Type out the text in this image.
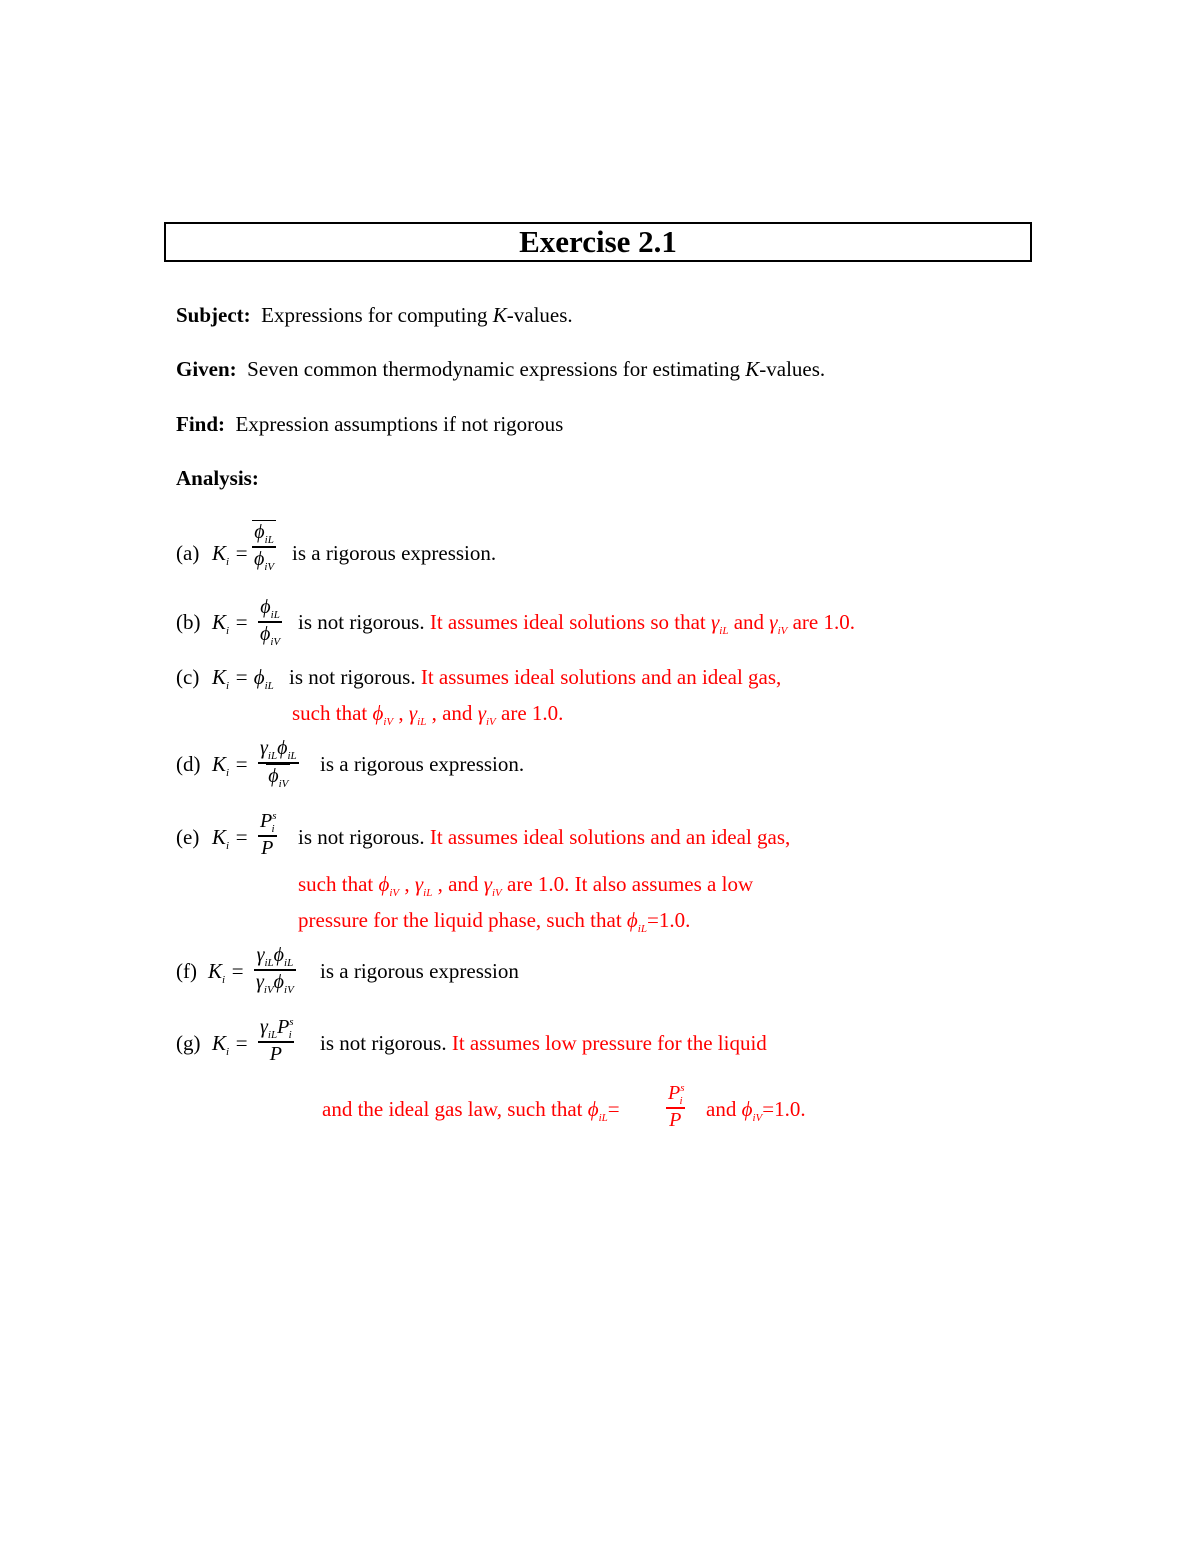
Exercise 2.1
Subject: Expressions for computing K-values.
Given: Seven common thermodynamic expressions for estimating K-values.
Find: Expression assumptions if not rigorous
Analysis:
(a) $K_i$ =
$\phi_{iL}$
$\phi_{iV}$
is a rigorous expression.
(b) $K_i$ =
$\phi_{iL}$
$\phi_{iV}$
is not rigorous. It assumes ideal solutions so that $\gamma_{iL}$ and $\gamma_{iV}$ are 1.0.
(c) $K_i = \phi_{iL}$ is not rigorous. It assumes ideal solutions and an ideal gas,
such that $\phi_{iV}$ , $\gamma_{iL}$ , and $\gamma_{iV}$ are 1.0.
(d) $K_i$ =
$\gamma_{iL}\phi_{iL}$
$\phi_{iV}$
is a rigorous expression.
(e) $K_i$ =
$P^s_i$
P is not rigorous. It assumes ideal solutions and an ideal gas,
such that $\phi_{iV}$ , $\gamma_{iL}$ , and $\gamma_{iV}$ are 1.0. It also assumes a low
pressure for the liquid phase, such that $\phi_{iL}=1.0$.
(f) $K_i$ =
$\gamma_{iL}\phi_{iL}$
$\gamma_{iV}\phi_{iV}$
is a rigorous expression
(g) $K_i$ =
$\gamma_{iL}P^s_i$
P is not rigorous. It assumes low pressure for the liquid
and the ideal gas law, such that $\phi_{iL}=$
$P^s_i$
P and $\phi_{iV}=1.0$.
